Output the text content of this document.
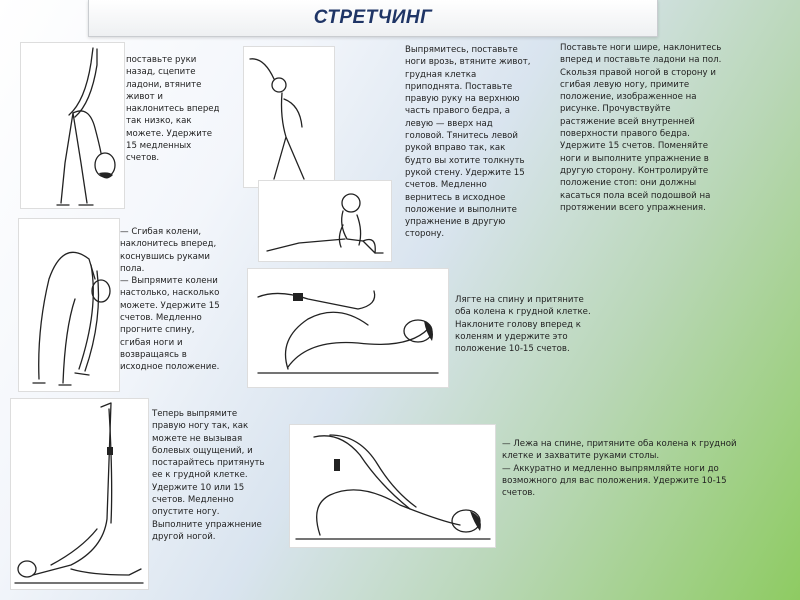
СТРЕТЧИНГ
поставьте руки
назад, сцепите
ладони, втяните
живот и
наклонитесь вперед
так низко, как
можете. Удержите
15 медленных
счетов.
Выпрямитесь, поставьте
ноги врозь, втяните живот,
грудная клетка
приподнята. Поставьте
правую руку на верхнюю
часть правого бедра, а
левую — вверх над
головой. Тянитесь левой
рукой вправо так, как
будто вы хотите толкнуть
рукой стену. Удержите 15
счетов. Медленно
вернитесь в исходное
положение и выполните
упражнение в другую
сторону.
Поставьте ноги шире, наклонитесь
вперед и поставьте ладони на пол.
Скользя правой ногой в сторону и
сгибая левую ногу, примите
положение, изображенное на
рисунке. Прочувствуйте
растяжение всей внутренней
поверхности правого бедра.
Удержите 15 счетов. Поменяйте
ноги и выполните упражнение в
другую сторону. Контролируйте
положение стоп: они должны
касаться пола всей подошвой на
протяжении всего упражнения.
— Сгибая колени,
наклонитесь вперед,
коснувшись руками
пола.
— Выпрямите колени
настолько, насколько
можете. Удержите 15
счетов. Медленно
прогните спину,
сгибая ноги и
возвращаясь в
исходное положение.
Лягте на спину и притяните
оба колена к грудной клетке.
Наклоните голову вперед к
коленям и удержите это
положение 10-15 счетов.
Теперь выпрямите
правую ногу так, как
можете не вызывая
болевых ощущений, и
постарайтесь притянуть
ее к грудной клетке.
Удержите 10 или 15
счетов. Медленно
опустите ногу.
Выполните упражнение
другой ногой.
— Лежа на спине, притяните оба колена к грудной
клетке и захватите руками столы.
— Аккуратно и медленно выпрямляйте ноги до
возможного для вас положения. Удержите 10-15
счетов.
